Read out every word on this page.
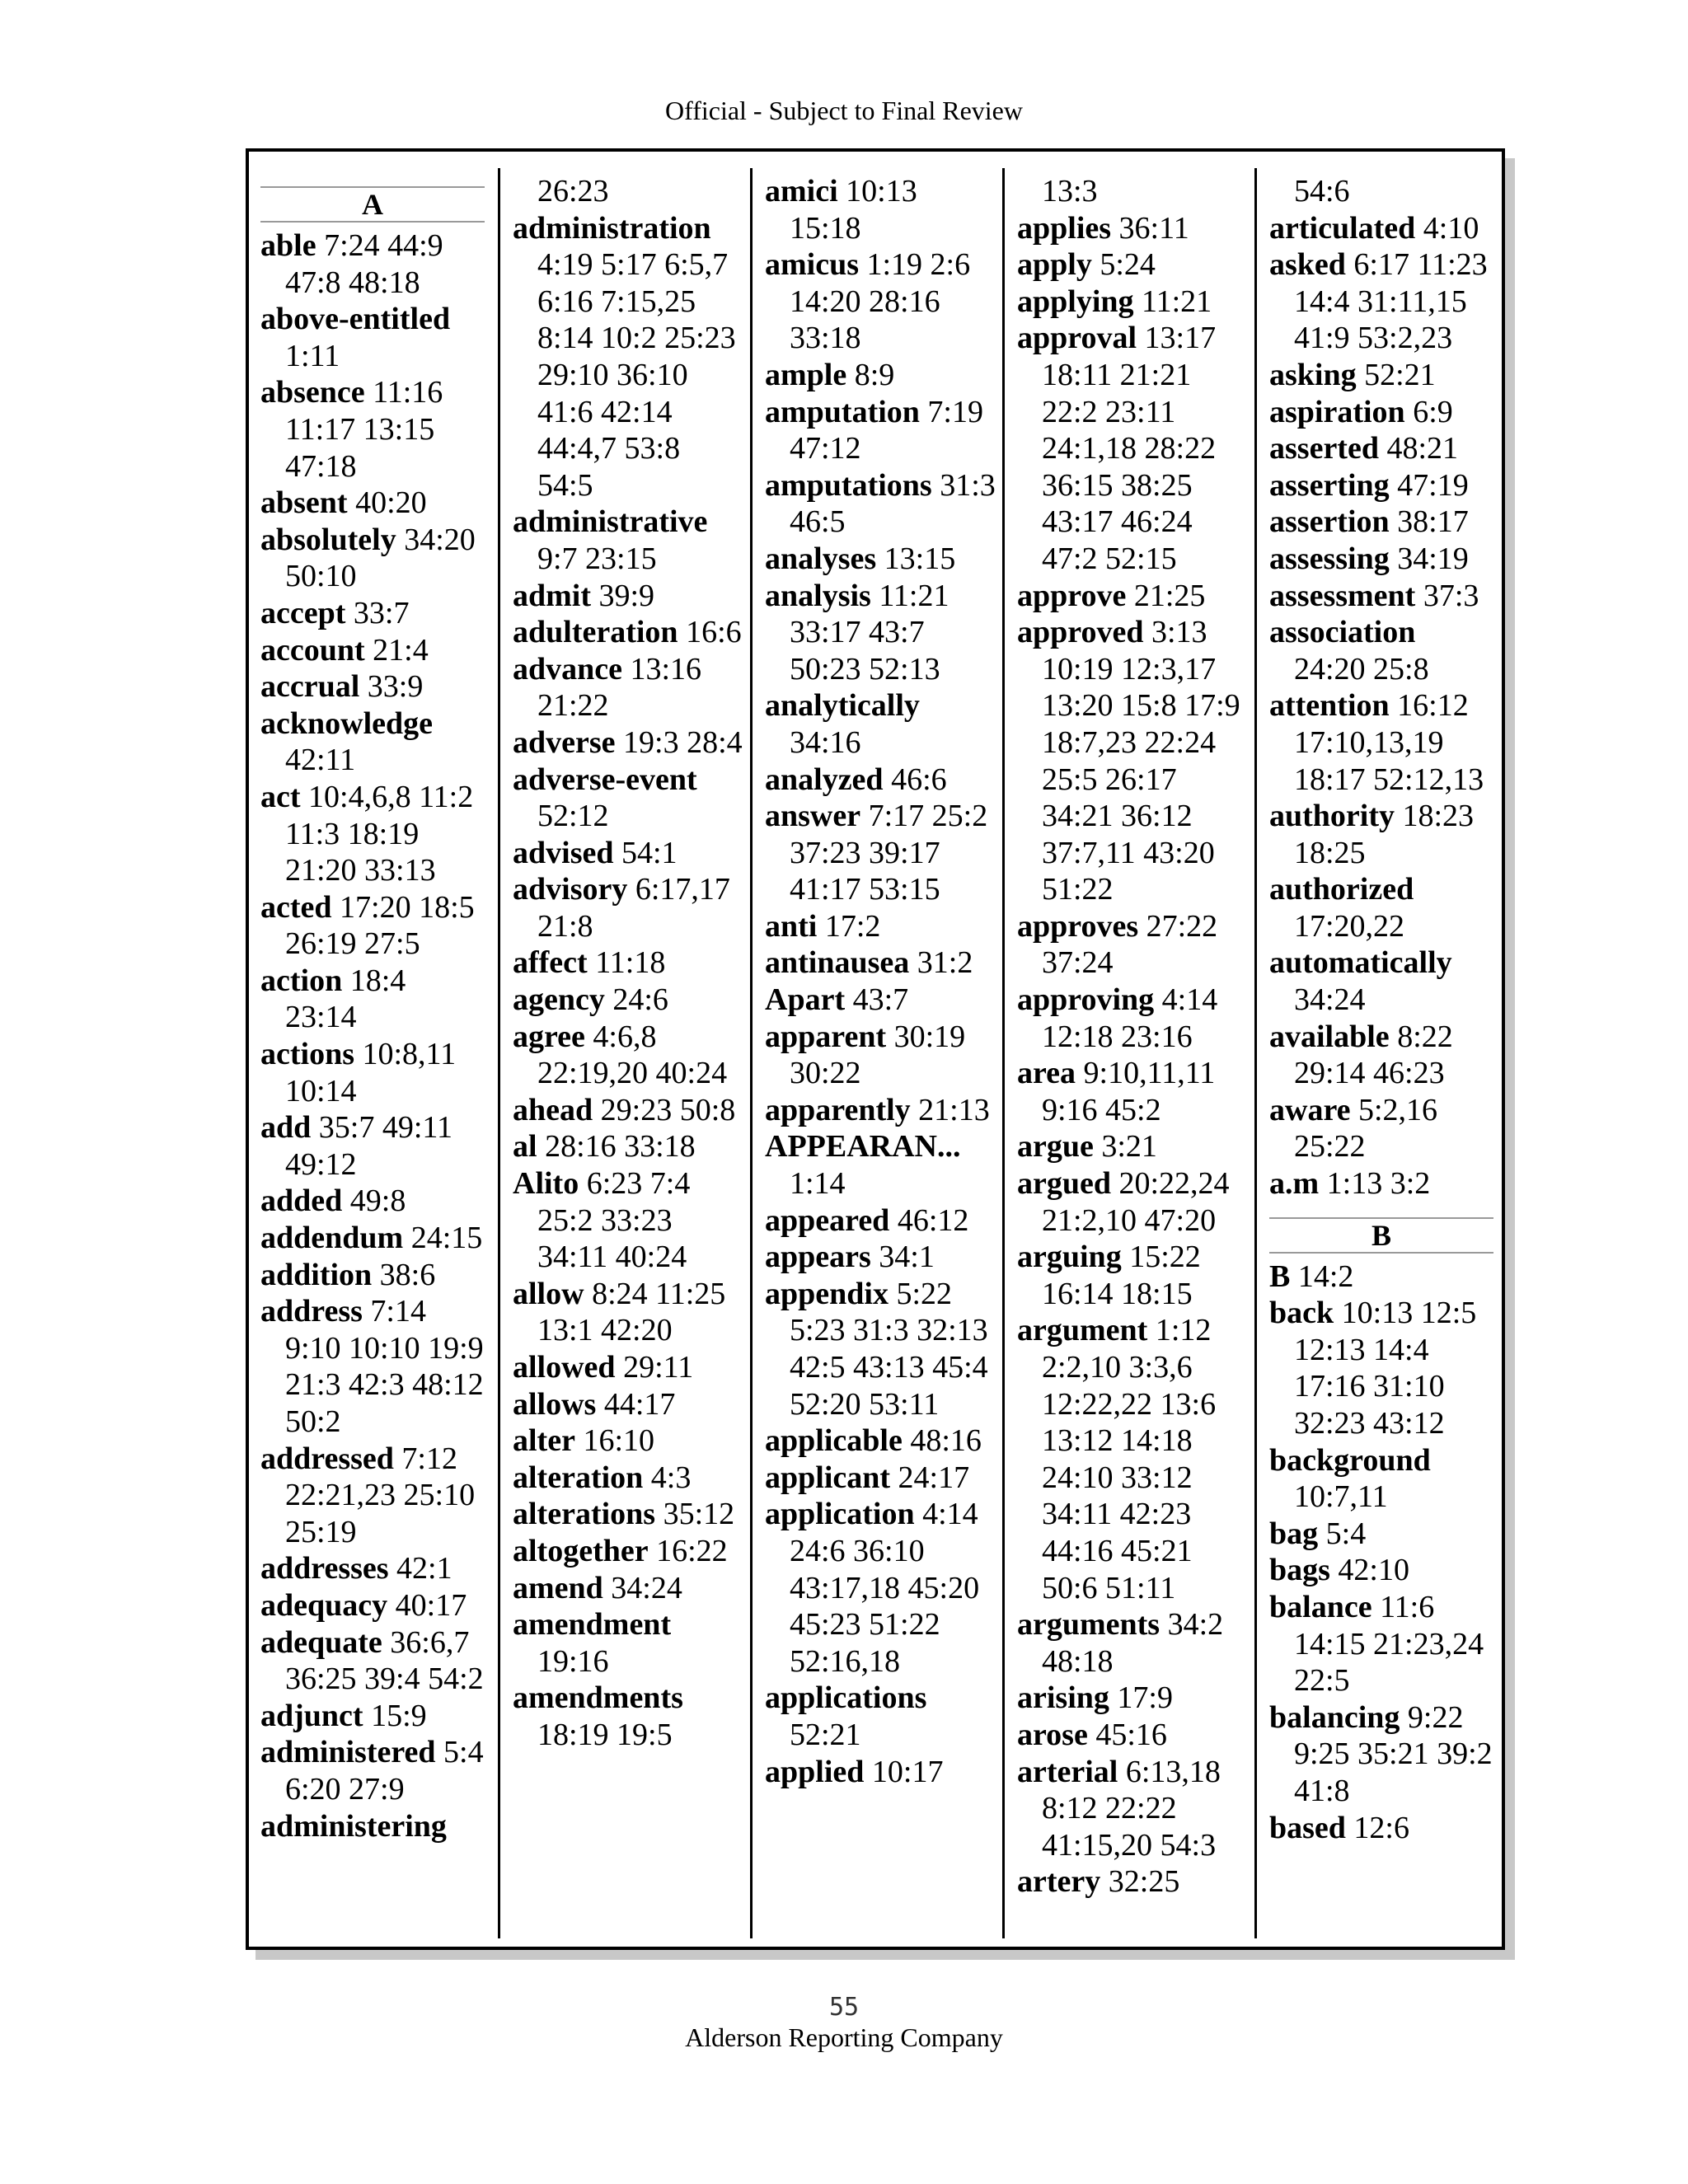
Official - Subject to Final Review
A
able 7:24 44:9 47:8 48:18
above-entitled 1:11
absence 11:16 11:17 13:15 47:18
absent 40:20
absolutely 34:20 50:10
accept 33:7
account 21:4
accrual 33:9
acknowledge 42:11
act 10:4,6,8 11:2 11:3 18:19 21:20 33:13
acted 17:20 18:5 26:19 27:5
action 18:4 23:14
actions 10:8,11 10:14
add 35:7 49:11 49:12
added 49:8
addendum 24:15
addition 38:6
address 7:14 9:10 10:10 19:9 21:3 42:3 48:12 50:2
addressed 7:12 22:21,23 25:10 25:19
addresses 42:1
adequacy 40:17
adequate 36:6,7 36:25 39:4 54:2
adjunct 15:9
administered 5:4 6:20 27:9
administering
26:23
administration 4:19 5:17 6:5,7 6:16 7:15,25 8:14 10:2 25:23 29:10 36:10 41:6 42:14 44:4,7 53:8 54:5
administrative 9:7 23:15
admit 39:9
adulteration 16:6
advance 13:16 21:22
adverse 19:3 28:4
adverse-event 52:12
advised 54:1
advisory 6:17,17 21:8
affect 11:18
agency 24:6
agree 4:6,8 22:19,20 40:24
ahead 29:23 50:8
al 28:16 33:18
Alito 6:23 7:4 25:2 33:23 34:11 40:24
allow 8:24 11:25 13:1 42:20
allowed 29:11
allows 44:17
alter 16:10
alteration 4:3
alterations 35:12
altogether 16:22
amend 34:24
amendment 19:16
amendments 18:19 19:5
amici 10:13 15:18
amicus 1:19 2:6 14:20 28:16 33:18
ample 8:9
amputation 7:19 47:12
amputations 31:3 46:5
analyses 13:15
analysis 11:21 33:17 43:7 50:23 52:13
analytically 34:16
analyzed 46:6
answer 7:17 25:2 37:23 39:17 41:17 53:15
anti 17:2
antinausea 31:2
Apart 43:7
apparent 30:19 30:22
apparently 21:13
APPEARAN... 1:14
appeared 46:12
appears 34:1
appendix 5:22 5:23 31:3 32:13 42:5 43:13 45:4 52:20 53:11
applicable 48:16
applicant 24:17
application 4:14 24:6 36:10 43:17,18 45:20 45:23 51:22 52:16,18
applications 52:21
applied 10:17
13:3
applies 36:11
apply 5:24
applying 11:21
approval 13:17 18:11 21:21 22:2 23:11 24:1,18 28:22 36:15 38:25 43:17 46:24 47:2 52:15
approve 21:25
approved 3:13 10:19 12:3,17 13:20 15:8 17:9 18:7,23 22:24 25:5 26:17 34:21 36:12 37:7,11 43:20 51:22
approves 27:22 37:24
approving 4:14 12:18 23:16
area 9:10,11,11 9:16 45:2
argue 3:21
argued 20:22,24 21:2,10 47:20
arguing 15:22 16:14 18:15
argument 1:12 2:2,10 3:3,6 12:22,22 13:6 13:12 14:18 24:10 33:12 34:11 42:23 44:16 45:21 50:6 51:11
arguments 34:2 48:18
arising 17:9
arose 45:16
arterial 6:13,18 8:12 22:22 41:15,20 54:3
artery 32:25
54:6
articulated 4:10
asked 6:17 11:23 14:4 31:11,15 41:9 53:2,23
asking 52:21
aspiration 6:9
asserted 48:21
asserting 47:19
assertion 38:17
assessing 34:19
assessment 37:3
association 24:20 25:8
attention 16:12 17:10,13,19 18:17 52:12,13
authority 18:23 18:25
authorized 17:20,22
automatically 34:24
available 8:22 29:14 46:23
aware 5:2,16 25:22
a.m 1:13 3:2
B
B 14:2
back 10:13 12:5 12:13 14:4 17:16 31:10 32:23 43:12
background 10:7,11
bag 5:4
bags 42:10
balance 11:6 14:15 21:23,24 22:5
balancing 9:22 9:25 35:21 39:2 41:8
based 12:6
55
Alderson Reporting Company
